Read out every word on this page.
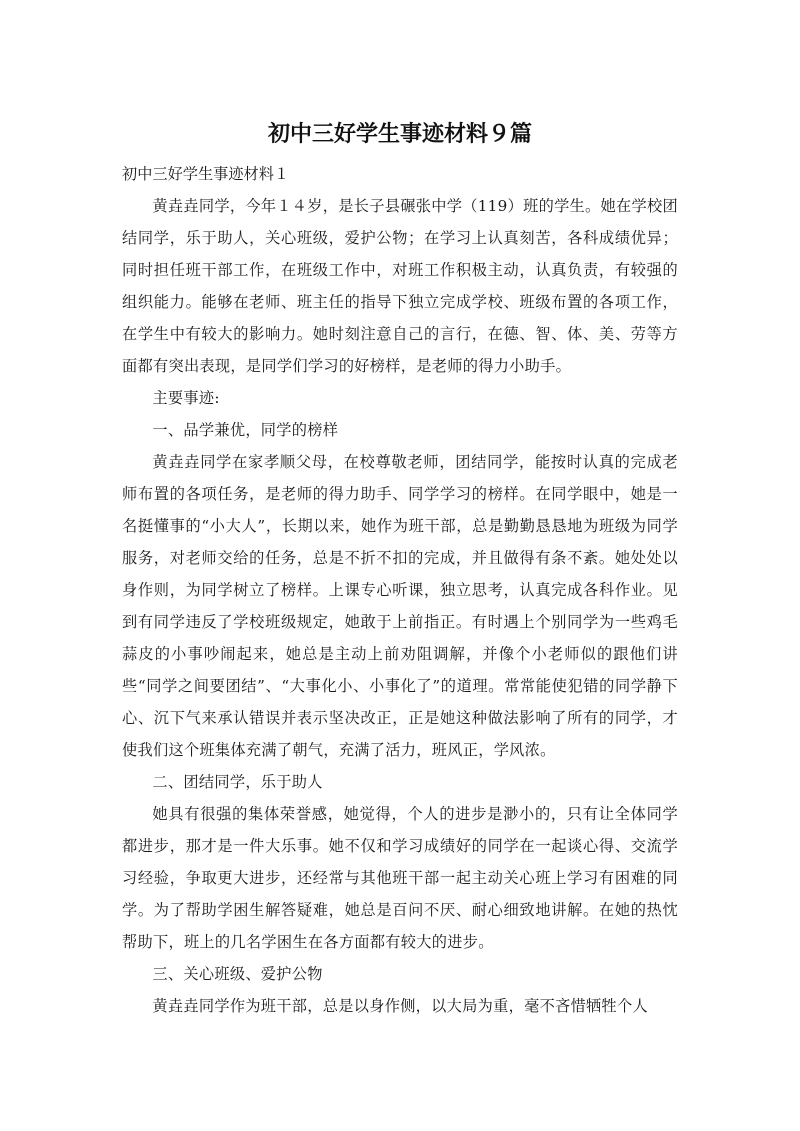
初中三好学生事迹材料９篇

初中三好学生事迹材料１

黄垚垚同学，今年１４岁，是长子县碾张中学（119）班的学生。她在学校团结同学，乐于助人，关心班级，爱护公物；在学习上认真刻苦，各科成绩优异；同时担任班干部工作，在班级工作中，对班工作积极主动，认真负责，有较强的组织能力。能够在老师、班主任的指导下独立完成学校、班级布置的各项工作，在学生中有较大的影响力。她时刻注意自己的言行，在德、智、体、美、劳等方面都有突出表现，是同学们学习的好榜样，是老师的得力小助手。

主要事迹:

一、品学兼优，同学的榜样

黄垚垚同学在家孝顺父母，在校尊敬老师，团结同学，能按时认真的完成老师布置的各项任务，是老师的得力助手、同学学习的榜样。在同学眼中，她是一名挺懂事的“小大人”，长期以来，她作为班干部，总是勤勤恳恳地为班级为同学服务，对老师交给的任务，总是不折不扣的完成，并且做得有条不紊。她处处以身作则，为同学树立了榜样。上课专心听课，独立思考，认真完成各科作业。见到有同学违反了学校班级规定，她敢于上前指正。有时遇上个别同学为一些鸡毛蒜皮的小事吵闹起来，她总是主动上前劝阻调解，并像个小老师似的跟他们讲些“同学之间要团结”、“大事化小、小事化了”的道理。常常能使犯错的同学静下心、沉下气来承认错误并表示坚决改正，正是她这种做法影响了所有的同学，才使我们这个班集体充满了朝气，充满了活力，班风正，学风浓。

二、团结同学，乐于助人

她具有很强的集体荣誉感，她觉得，个人的进步是渺小的，只有让全体同学都进步，那才是一件大乐事。她不仅和学习成绩好的同学在一起谈心得、交流学习经验，争取更大进步，还经常与其他班干部一起主动关心班上学习有困难的同学。为了帮助学困生解答疑难，她总是百问不厌、耐心细致地讲解。在她的热忱帮助下，班上的几名学困生在各方面都有较大的进步。

三、关心班级、爱护公物

黄垚垚同学作为班干部，总是以身作侧，以大局为重，毫不吝惜牺牲个人
